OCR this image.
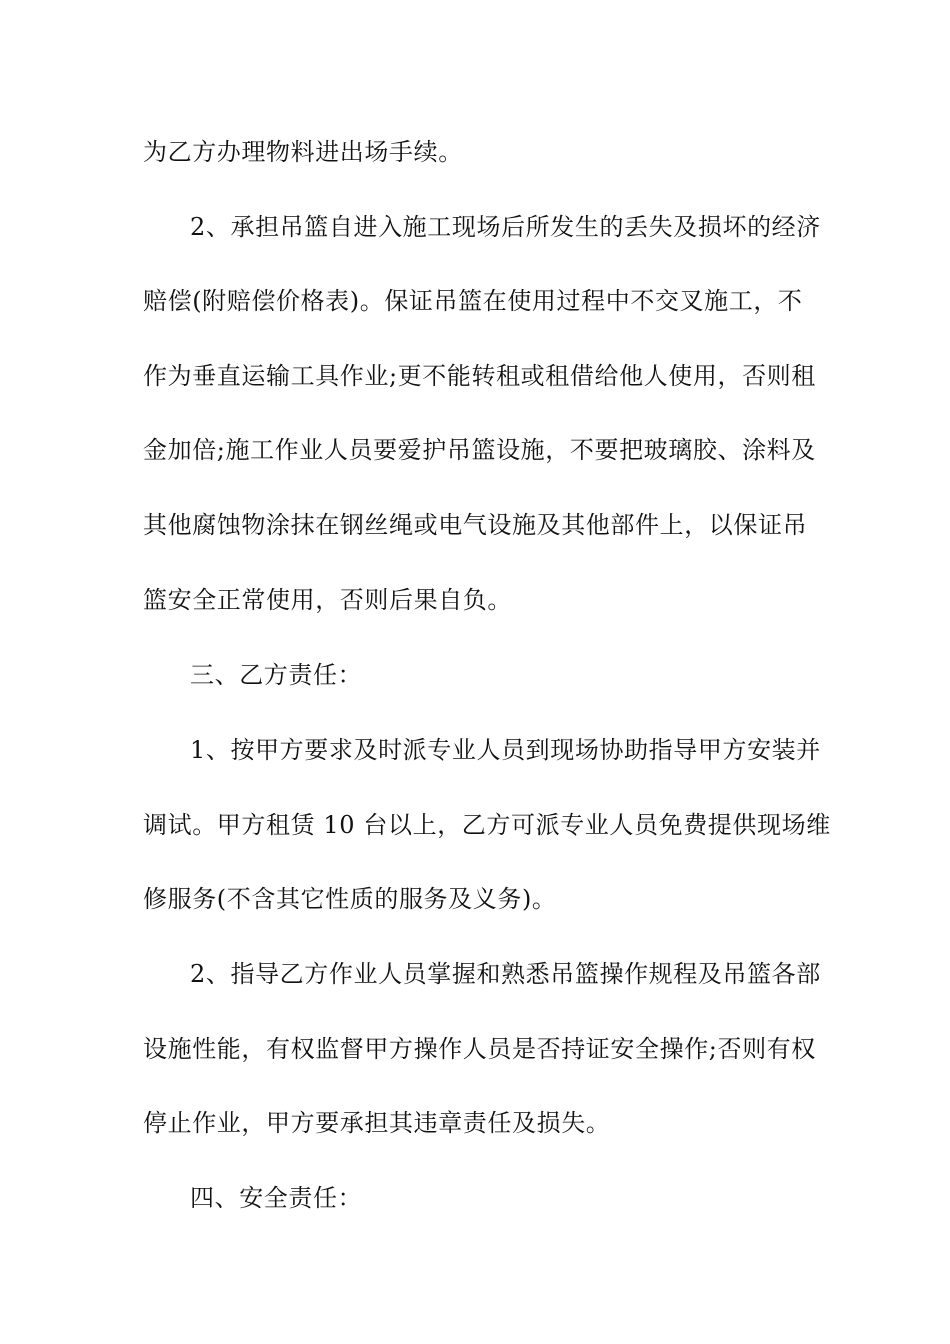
为乙方办理物料进出场手续。
2、承担吊篮自进入施工现场后所发生的丢失及损坏的经济
赔偿(附赔偿价格表)。保证吊篮在使用过程中不交叉施工，不
作为垂直运输工具作业;更不能转租或租借给他人使用，否则租
金加倍;施工作业人员要爱护吊篮设施，不要把玻璃胶、涂料及
其他腐蚀物涂抹在钢丝绳或电气设施及其他部件上，以保证吊
篮安全正常使用，否则后果自负。
三、乙方责任：
1、按甲方要求及时派专业人员到现场协助指导甲方安装并
调试。甲方租赁 10 台以上，乙方可派专业人员免费提供现场维
修服务(不含其它性质的服务及义务)。
2、指导乙方作业人员掌握和熟悉吊篮操作规程及吊篮各部
设施性能，有权监督甲方操作人员是否持证安全操作;否则有权
停止作业，甲方要承担其违章责任及损失。
四、安全责任：
